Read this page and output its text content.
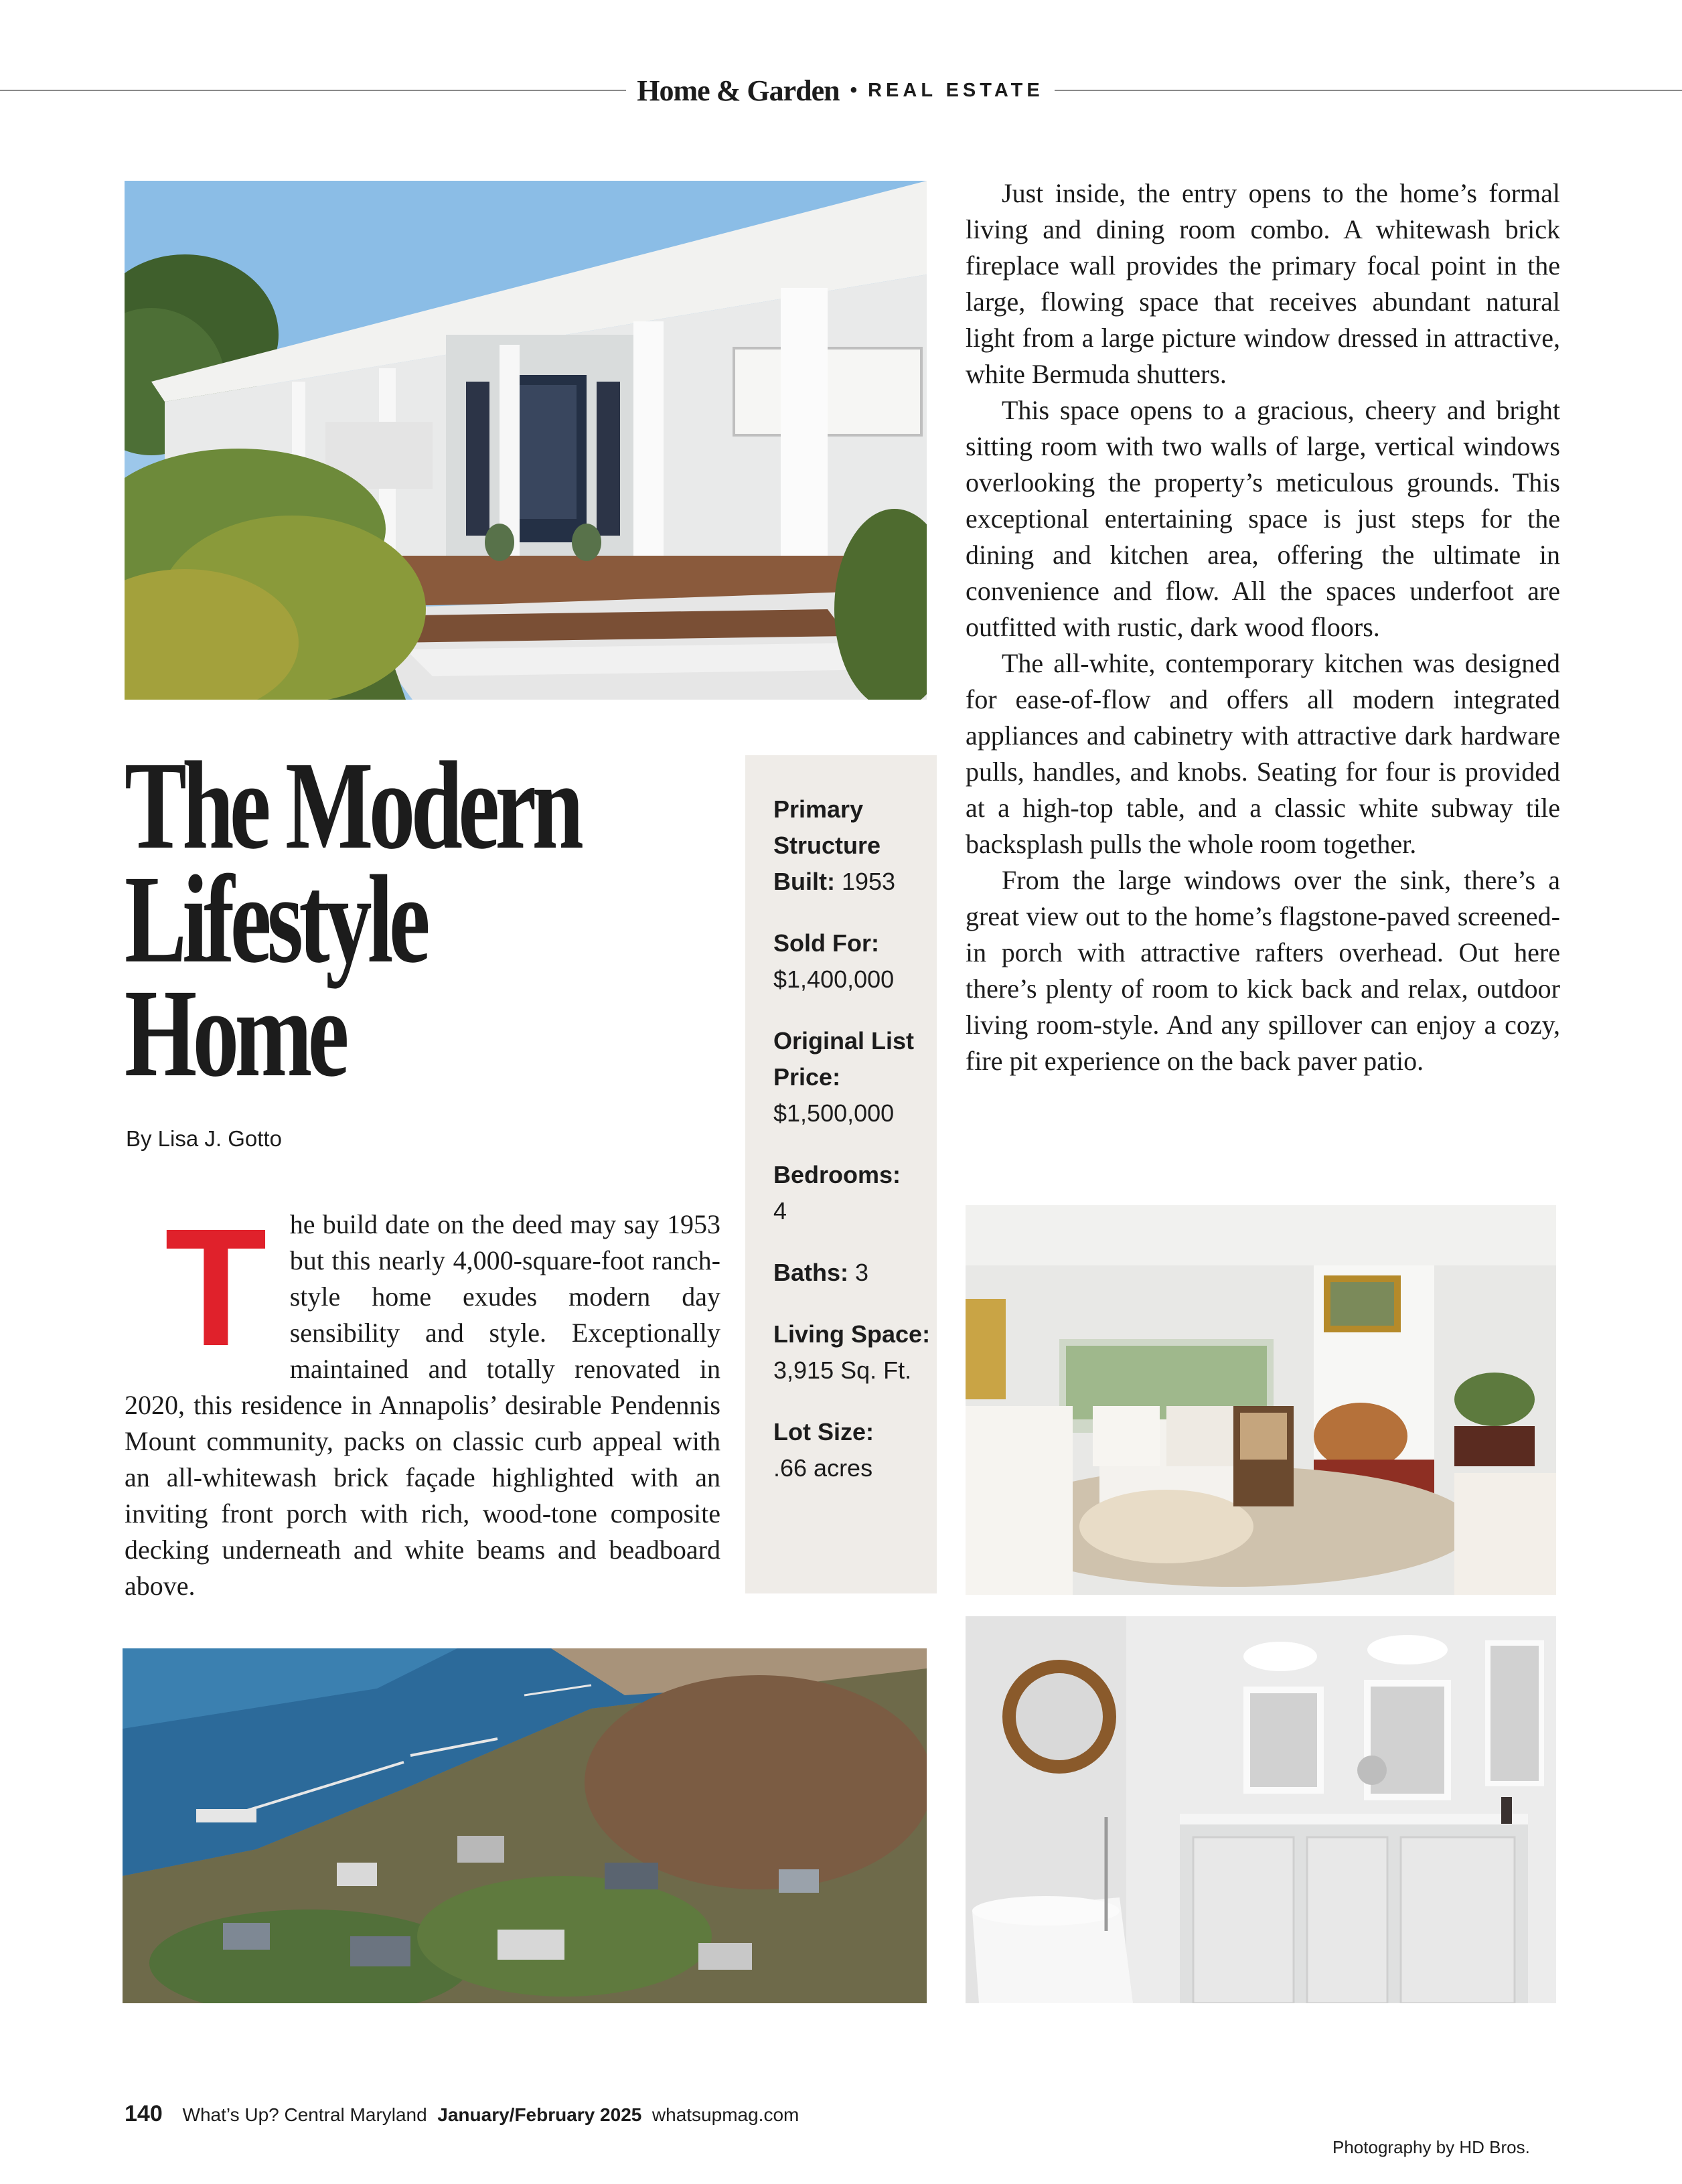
Home & Garden • REAL ESTATE
The Modern
Lifestyle
Home
By Lisa J. Gotto
T he build date on the deed may say 1953 but this nearly 4,000-square-foot ranch-style home exudes modern day sensibility and style. Exceptionally maintained and totally renovated in 2020, this residence in Annapolis’ desirable Pendennis Mount community, packs on classic curb appeal with an all-whitewash brick façade highlighted with an inviting front porch with rich, wood-tone composite decking underneath and white beams and beadboard above.

Primary Structure Built: 1953
Sold For:
$1,400,000
Original List Price:
$1,500,000
Bedrooms:
4
Baths: 3
Living Space:
3,915 Sq. Ft.
Lot Size:
.66 acres

Just inside, the entry opens to the home’s formal living and dining room combo. A whitewash brick fireplace wall provides the primary focal point in the large, flowing space that receives abundant natural light from a large picture window dressed in attractive, white Bermuda shutters.

This space opens to a gracious, cheery and bright sitting room with two walls of large, vertical windows overlooking the property’s meticulous grounds. This exceptional entertaining space is just steps for the dining and kitchen area, offering the ultimate in convenience and flow. All the spaces underfoot are outfitted with rustic, dark wood floors.

The all-white, contemporary kitchen was designed for ease-of-flow and offers all modern integrated appliances and cabinetry with attractive dark hardware pulls, handles, and knobs. Seating for four is provided at a high-top table, and a classic white subway tile backsplash pulls the whole room together.

From the large windows over the sink, there’s a great view out to the home’s flagstone-paved screened-in porch with attractive rafters overhead. Out here there’s plenty of room to kick back and relax, outdoor living room-style. And any spillover can enjoy a cozy, fire pit experience on the back paver patio.

140 What’s Up? Central Maryland January/February 2025 whatsupmag.com
Photography by HD Bros.
